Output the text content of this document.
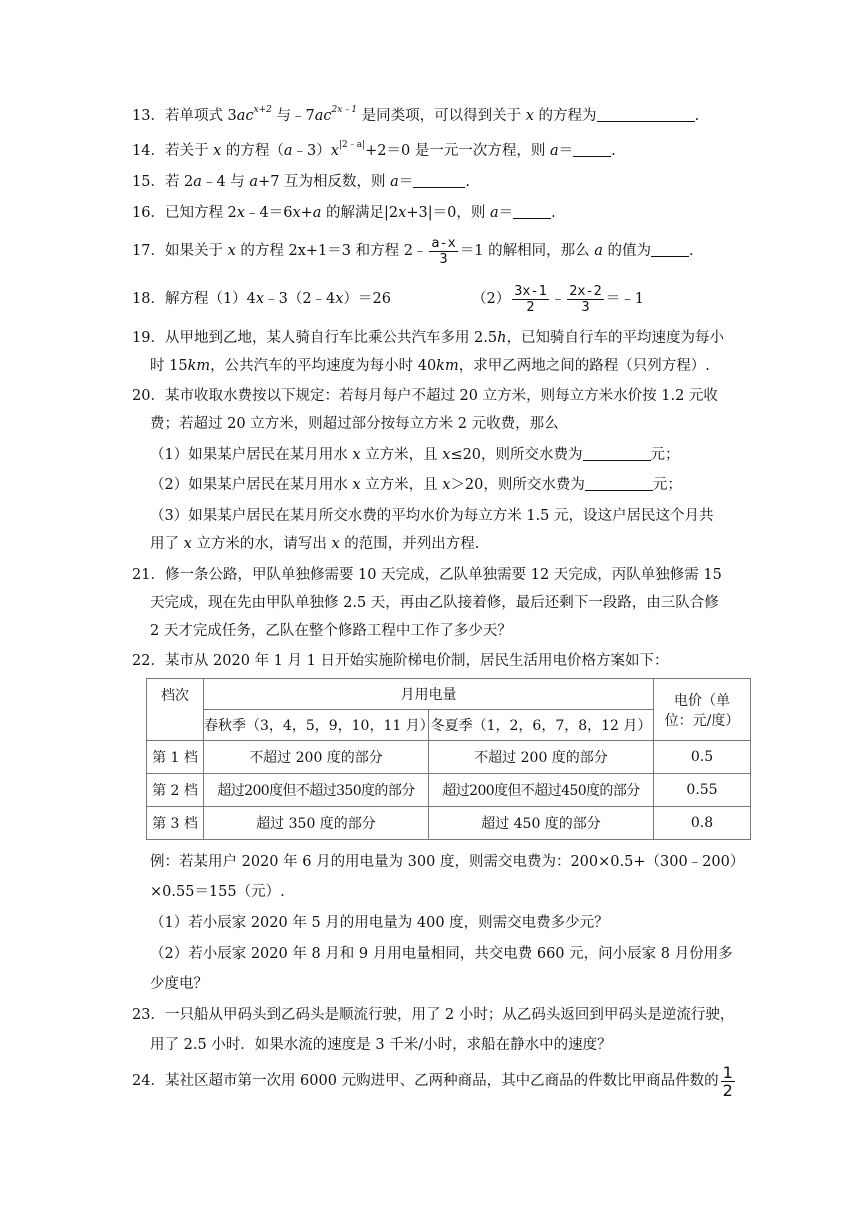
13．若单项式 $3ac^{x+2}$ 与$﹣7ac^{2x﹣1}$ 是同类项，可以得到关于 x 的方程为	.
14．若关于 x 的方程$(a﹣3)x^{|2﹣a|}+2=0$ 是一元一次方程，则 a＝	.
15．若 2a﹣4 与 a+7 互为相反数，则 a＝	.
16．已知方程 2x﹣4＝6x+a 的解满足|2x+3|＝0，则 a＝	.
17．如果关于 x 的方程 2x+1＝3 和方程 2﹣ $\frac{a-x}{3} =1$ 的解相同，那么 a 的值为	.
18．解方程（1）4x﹣3（2﹣4x）＝26	$(2) \frac{3x-1}{2}$ ﹣ $\frac{2x-2}{3}$ ＝﹣1
19．从甲地到乙地，某人骑自行车比乘公共汽车多用 2.5h，已知骑自行车的平均速度为每小
时 15km，公共汽车的平均速度为每小时 40km，求甲乙两地之间的路程（只列方程）.
20．某市收取水费按以下规定：若每月每户不超过 20 立方米，则每立方米水价按 1.2 元收
费；若超过 20 立方米，则超过部分按每立方米 2 元收费，那么
（1）如果某户居民在某月用水 x 立方米，且 x≤20，则所交水费为	元；
（2）如果某户居民在某月用水 x 立方米，且 x＞20，则所交水费为	元；
（3）如果某户居民在某月所交水费的平均水价为每立方米 1.5 元，设这户居民这个月共
用了 x 立方米的水，请写出 x 的范围，并列出方程.
21．修一条公路，甲队单独修需要 10 天完成，乙队单独需要 12 天完成，丙队单独修需 15
天完成，现在先由甲队单独修 2.5 天，再由乙队接着修，最后还剩下一段路，由三队合修
2 天才完成任务，乙队在整个修路工程中工作了多少天？
22．某市从 2020 年 1 月 1 日开始实施阶梯电价制，居民生活用电价格方案如下：
档次	月用电量		电价（单
位：元/度）

	春秋季（3，4，5，9，10，11 月）	冬夏季（1，2，6，7，8，12 月）	
第 1 档	不超过 200 度的部分	不超过 200 度的部分	0.5
第 2 档	超过200度但不超过350度的部分	超过200度但不超过450度的部分	0.55
第 3 档	超过 350 度的部分	超过 450 度的部分	0.8
例：若某用户 2020 年 6 月的用电量为 300 度，则需交电费为：200×0.5+（300﹣200）
×0.55＝155（元）.
（1）若小辰家 2020 年 5 月的用电量为 400 度，则需交电费多少元？
（2）若小辰家 2020 年 8 月和 9 月用电量相同，共交电费 660 元，问小辰家 8 月份用多
少度电？
23．一只船从甲码头到乙码头是顺流行驶，用了 2 小时；从乙码头返回到甲码头是逆流行驶，
用了 2.5 小时．如果水流的速度是 3 千米/小时，求船在静水中的速度？
24．某社区超市第一次用 6000 元购进甲、乙两种商品，其中乙商品的件数比甲商品件数的 $\frac{1}{2}$
